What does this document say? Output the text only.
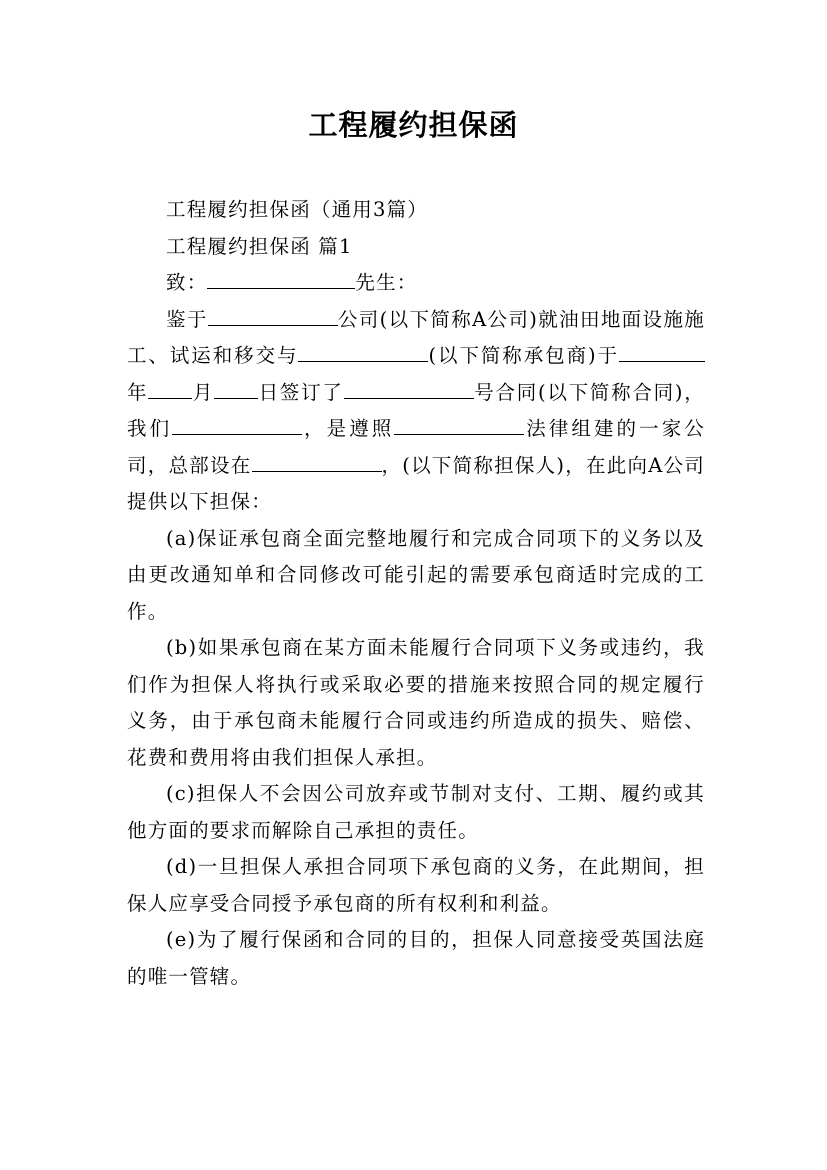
工程履约担保函

工程履约担保函（通用3篇）

工程履约担保函 篇1

致：	先生：

鉴于	公司(以下简称A公司)就油田地面设施施工、试运和移交与	(以下简称承包商)于年 月 日签订了	号合同(以下简称合同)，我们	，是遵照	法律组建的一家公司，总部设在	，(以下简称担保人)，在此向A公司提供以下担保：

(a)保证承包商全面完整地履行和完成合同项下的义务以及由更改通知单和合同修改可能引起的需要承包商适时完成的工作。

(b)如果承包商在某方面未能履行合同项下义务或违约，我们作为担保人将执行或采取必要的措施来按照合同的规定履行义务，由于承包商未能履行合同或违约所造成的损失、赔偿、花费和费用将由我们担保人承担。

(c)担保人不会因公司放弃或节制对支付、工期、履约或其他方面的要求而解除自己承担的责任。

(d)一旦担保人承担合同项下承包商的义务，在此期间，担保人应享受合同授予承包商的所有权利和利益。

(e)为了履行保函和合同的目的，担保人同意接受英国法庭的唯一管辖。
